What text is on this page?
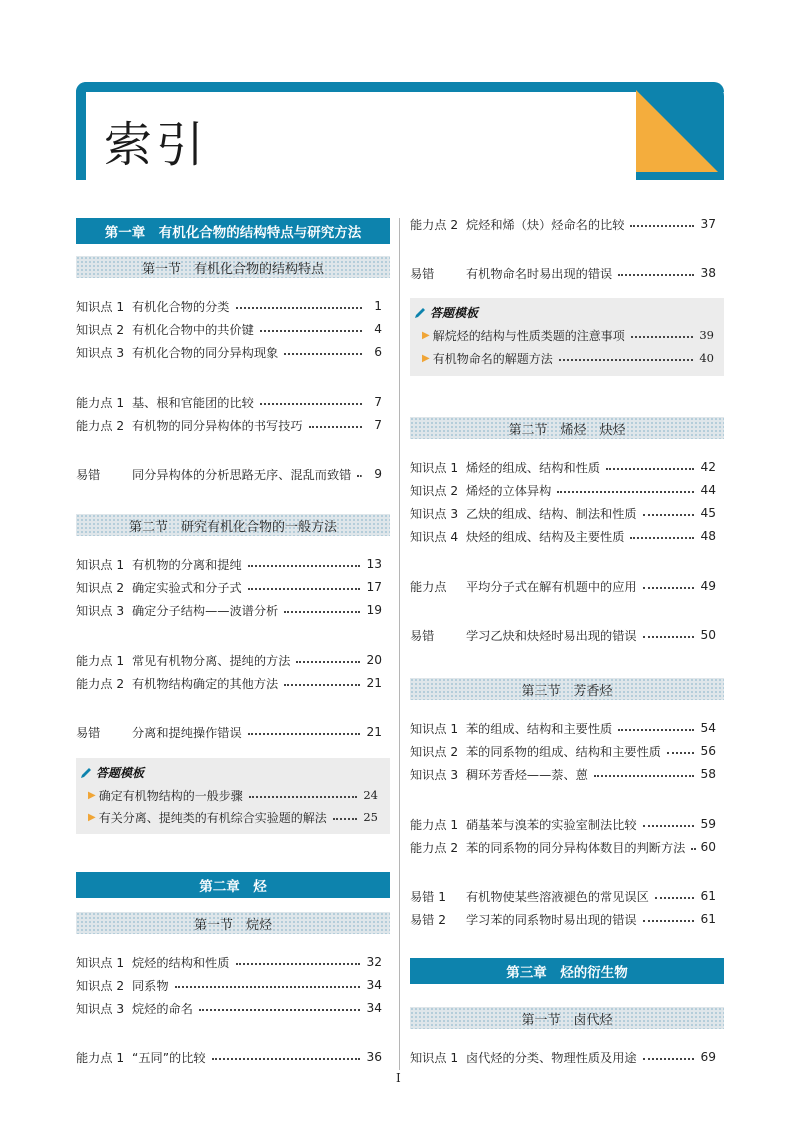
索引
第一章　有机化合物的结构特点与研究方法
第一节　有机化合物的结构特点
知识点 1 有机化合物的分类	1
知识点 2 有机化合物中的共价键	4
知识点 3 有机化合物的同分异构现象	6
能力点 1 基、根和官能团的比较	7
能力点 2 有机物的同分异构体的书写技巧	7
易错	同分异构体的分析思路无序、混乱而致错	9
第二节　研究有机化合物的一般方法
知识点 1 有机物的分离和提纯	13
知识点 2 确定实验式和分子式	17
知识点 3 确定分子结构——波谱分析	19
能力点 1 常见有机物分离、提纯的方法	20
能力点 2 有机物结构确定的其他方法	21
易错	分离和提纯操作错误	21
答题模板
▶ 确定有机物结构的一般步骤	24
▶ 有关分离、提纯类的有机综合实验题的解法	25
第二章　烃
第一节　烷烃
知识点 1 烷烃的结构和性质	32
知识点 2 同系物	34
知识点 3 烷烃的命名	34
能力点 1 “五同”的比较	36
能力点 2 烷烃和烯（炔）烃命名的比较	37
易错	有机物命名时易出现的错误	38
答题模板
▶ 解烷烃的结构与性质类题的注意事项	39
▶ 有机物命名的解题方法	40
第二节　烯烃　炔烃
知识点 1 烯烃的组成、结构和性质	42
知识点 2 烯烃的立体异构	44
知识点 3 乙炔的组成、结构、制法和性质	45
知识点 4 炔烃的组成、结构及主要性质	48
能力点	平均分子式在解有机题中的应用	49
易错	学习乙炔和炔烃时易出现的错误	50
第三节　芳香烃
知识点 1 苯的组成、结构和主要性质	54
知识点 2 苯的同系物的组成、结构和主要性质	56
知识点 3 稠环芳香烃——萘、蒽	58
能力点 1 硝基苯与溴苯的实验室制法比较	59
能力点 2 苯的同系物的同分异构体数目的判断方法 60
易错 1	有机物使某些溶液褪色的常见误区	61
易错 2	学习苯的同系物时易出现的错误	61
第三章　烃的衍生物
第一节　卤代烃
知识点 1 卤代烃的分类、物理性质及用途	69
I
